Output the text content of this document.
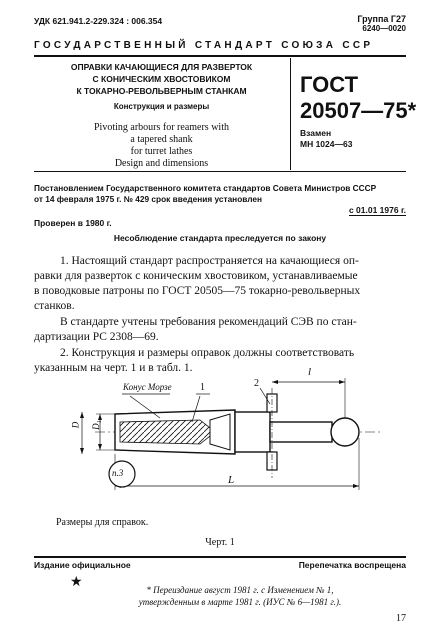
УДК 621.941.2-229.324 : 006.354	Группа Г27
6240—0020
ГОСУДАРСТВЕННЫЙ СТАНДАРТ СОЮЗА ССР
ОПРАВКИ КАЧАЮЩИЕСЯ ДЛЯ РАЗВЕРТОК
С КОНИЧЕСКИМ ХВОСТОВИКОМ
К ТОКАРНО-РЕВОЛЬВЕРНЫМ СТАНКАМ
Конструкция и размеры
Pivoting arbours for reamers with
a tapered shank
for turret lathes
Design and dimensions
ГОСТ
20507—75*
Взамен
МН 1024—63
Постановлением Государственного комитета стандартов Совета Министров СССР
от 14 февраля 1975 г. № 429 срок введения установлен
с 01.01 1976 г.
Проверен в 1980 г.
Несоблюдение стандарта преследуется по закону
1. Настоящий стандарт распространяется на качающиеся оп-
равки для разверток с коническим хвостовиком, устанавливаемые
в поводковые патроны по ГОСТ 20505—75 токарно-револьверных
станков.
В стандарте учтены требования рекомендаций СЭВ по стан-
дартизации РС 2308—69.
2. Конструкция и размеры оправок должны соответствовать
указанным на черт. 1 и в табл. 1.
Конус Морзе	1	2
l
L
D D₁
п.3
Размеры для справок.
Черт. 1
Издание официальное	Перепечатка воспрещена
★
* Переиздание август 1981 г. с Изменением № 1,
утвержденным в марте 1981 г. (ИУС № 6—1981 г.).
17
